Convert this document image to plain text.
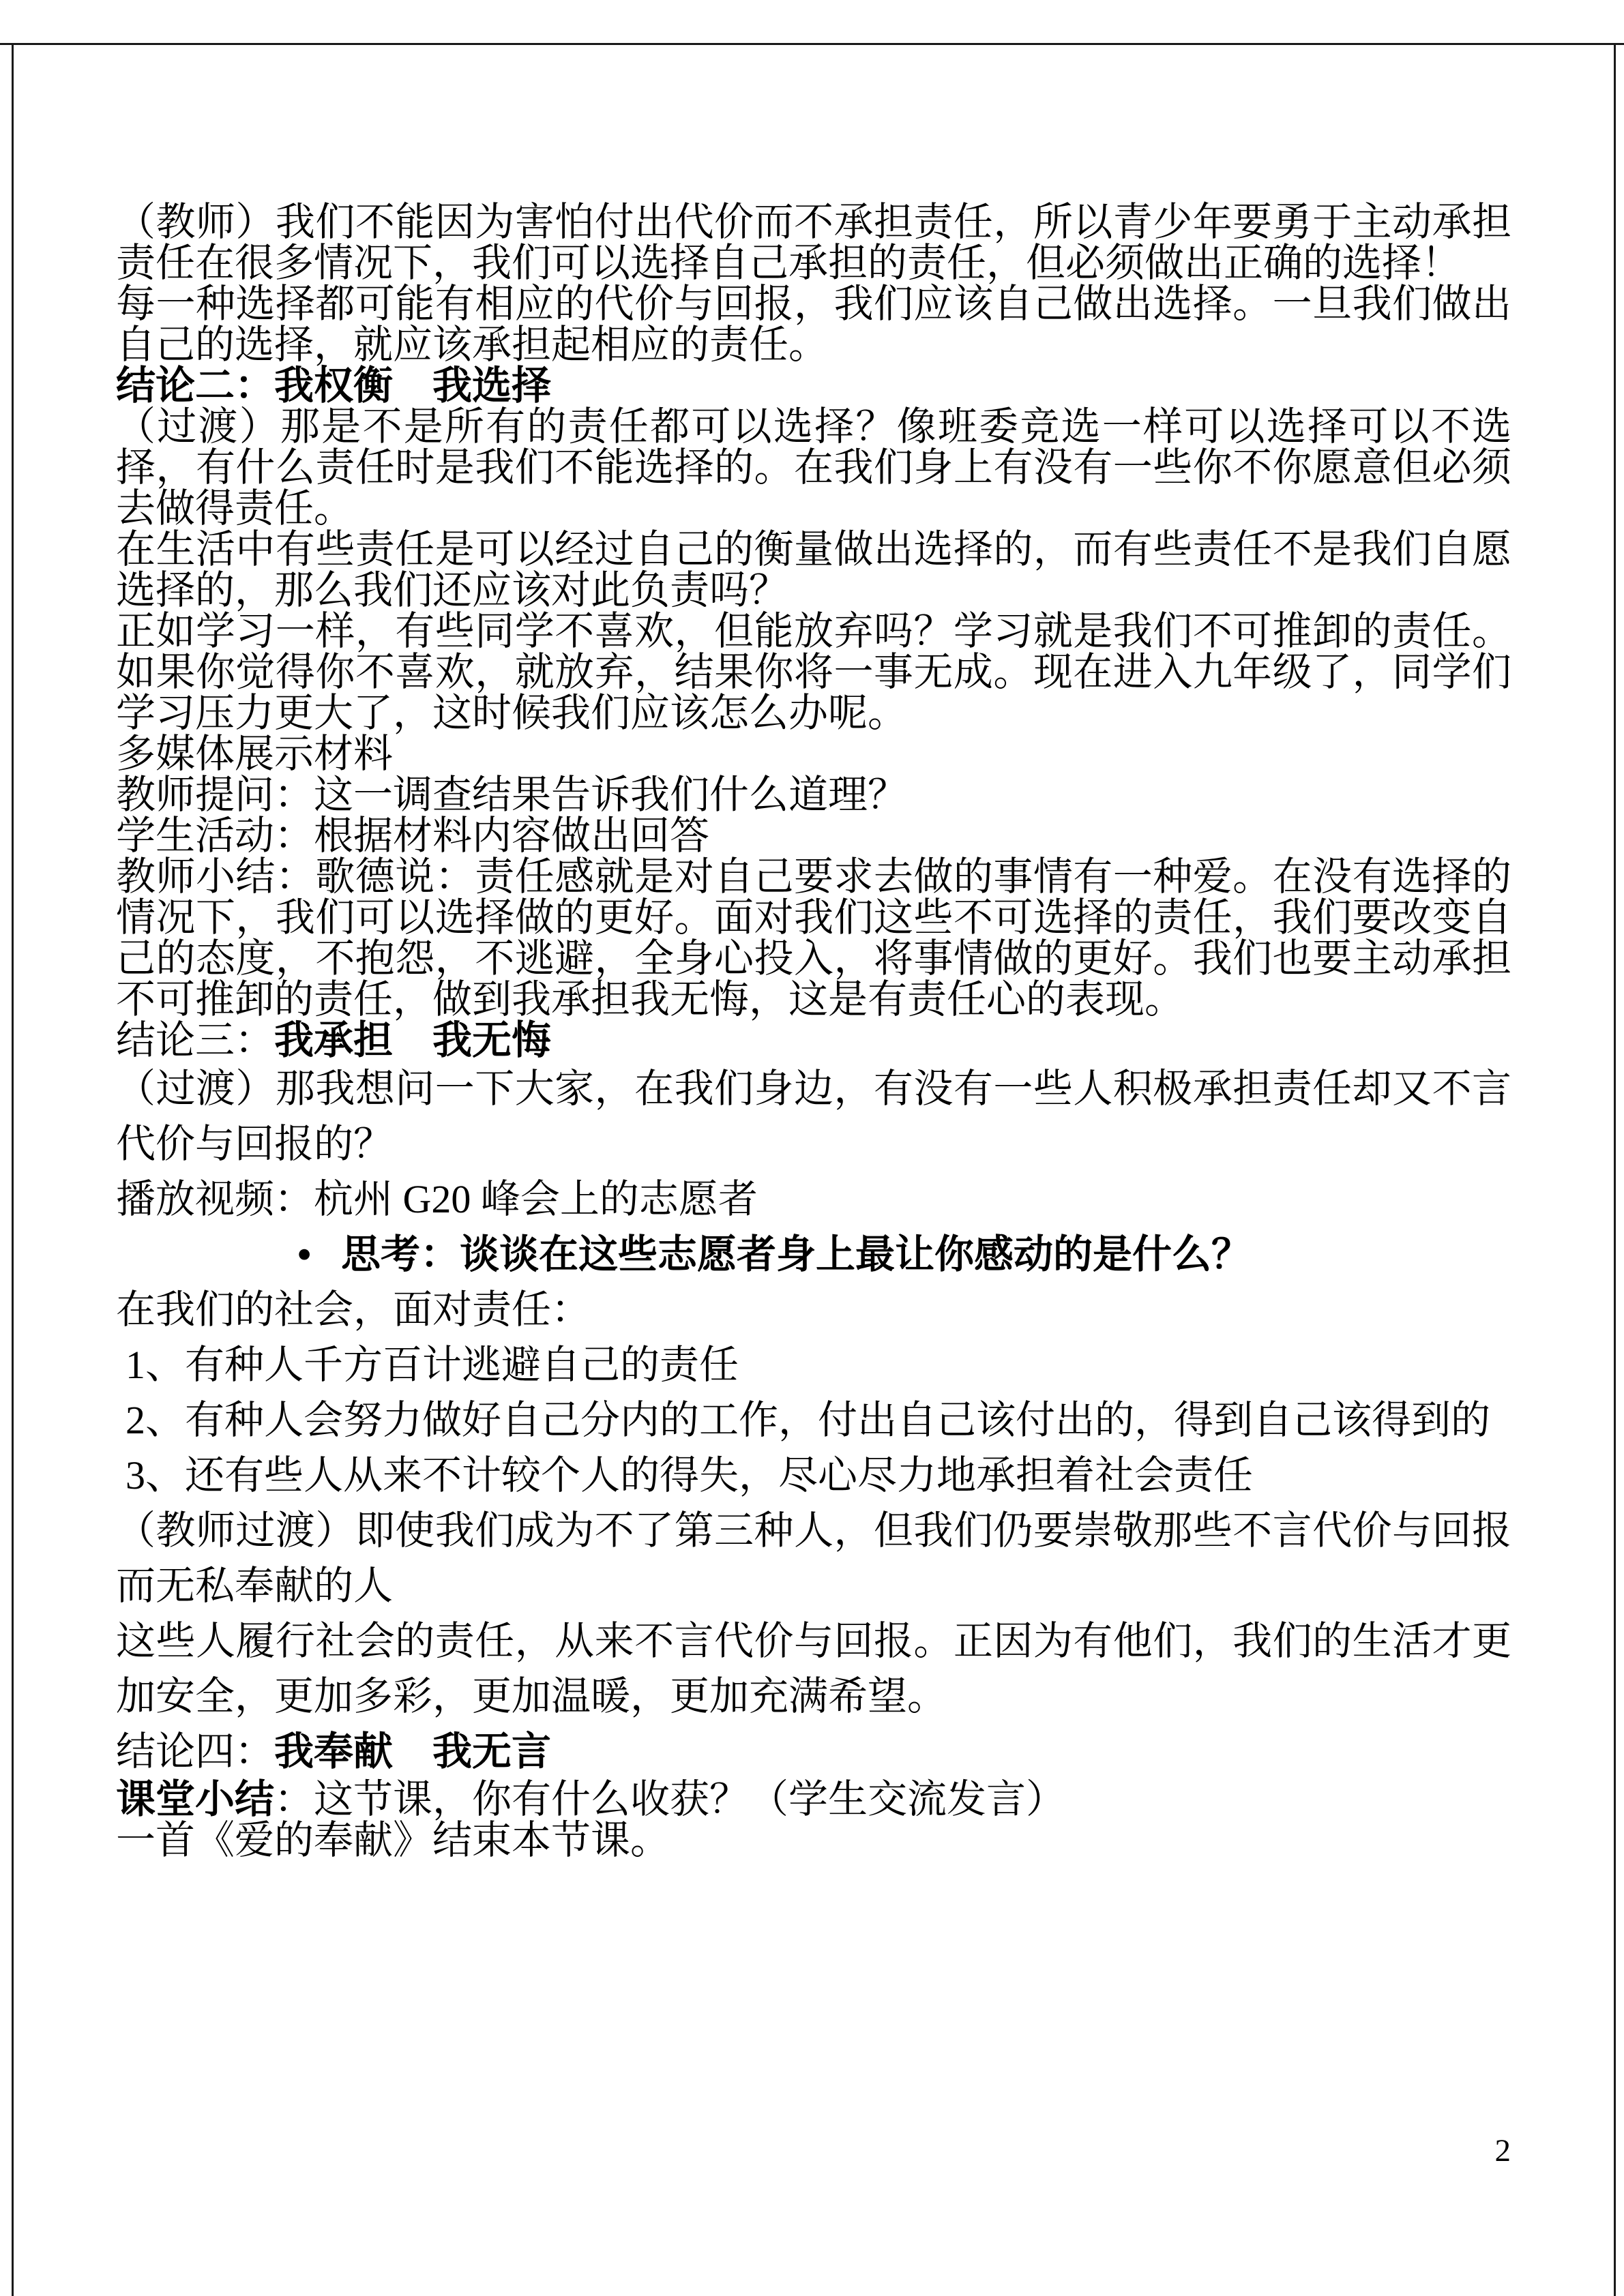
（教师）我们不能因为害怕付出代价而不承担责任，所以青少年要勇于主动承担责任在很多情况下，我们可以选择自己承担的责任，但必须做出正确的选择！
每一种选择都可能有相应的代价与回报，我们应该自己做出选择。一旦我们做出自己的选择，就应该承担起相应的责任。
结论二：我权衡　我选择
（过渡）那是不是所有的责任都可以选择？像班委竞选一样可以选择可以不选择，有什么责任时是我们不能选择的。在我们身上有没有一些你不你愿意但必须去做得责任。
在生活中有些责任是可以经过自己的衡量做出选择的，而有些责任不是我们自愿选择的，那么我们还应该对此负责吗？
正如学习一样，有些同学不喜欢，但能放弃吗？学习就是我们不可推卸的责任。如果你觉得你不喜欢，就放弃，结果你将一事无成。现在进入九年级了，同学们学习压力更大了，这时候我们应该怎么办呢。
多媒体展示材料
教师提问：这一调查结果告诉我们什么道理？
学生活动：根据材料内容做出回答
教师小结：歌德说：责任感就是对自己要求去做的事情有一种爱。在没有选择的情况下，我们可以选择做的更好。面对我们这些不可选择的责任，我们要改变自己的态度，不抱怨，不逃避，全身心投入，将事情做的更好。我们也要主动承担不可推卸的责任，做到我承担我无悔，这是有责任心的表现。
结论三：我承担　我无悔
（过渡）那我想问一下大家，在我们身边，有没有一些人积极承担责任却又不言代价与回报的？
播放视频：杭州 G20 峰会上的志愿者
• 思考：谈谈在这些志愿者身上最让你感动的是什么？
在我们的社会，面对责任：
1、有种人千方百计逃避自己的责任
2、有种人会努力做好自己分内的工作，付出自己该付出的，得到自己该得到的
3、还有些人从来不计较个人的得失，尽心尽力地承担着社会责任
（教师过渡）即使我们成为不了第三种人，但我们仍要崇敬那些不言代价与回报而无私奉献的人
这些人履行社会的责任，从来不言代价与回报。正因为有他们，我们的生活才更加安全，更加多彩，更加温暖，更加充满希望。
结论四：我奉献　我无言
课堂小结：这节课，你有什么收获？（学生交流发言）
一首《爱的奉献》结束本节课。
2
